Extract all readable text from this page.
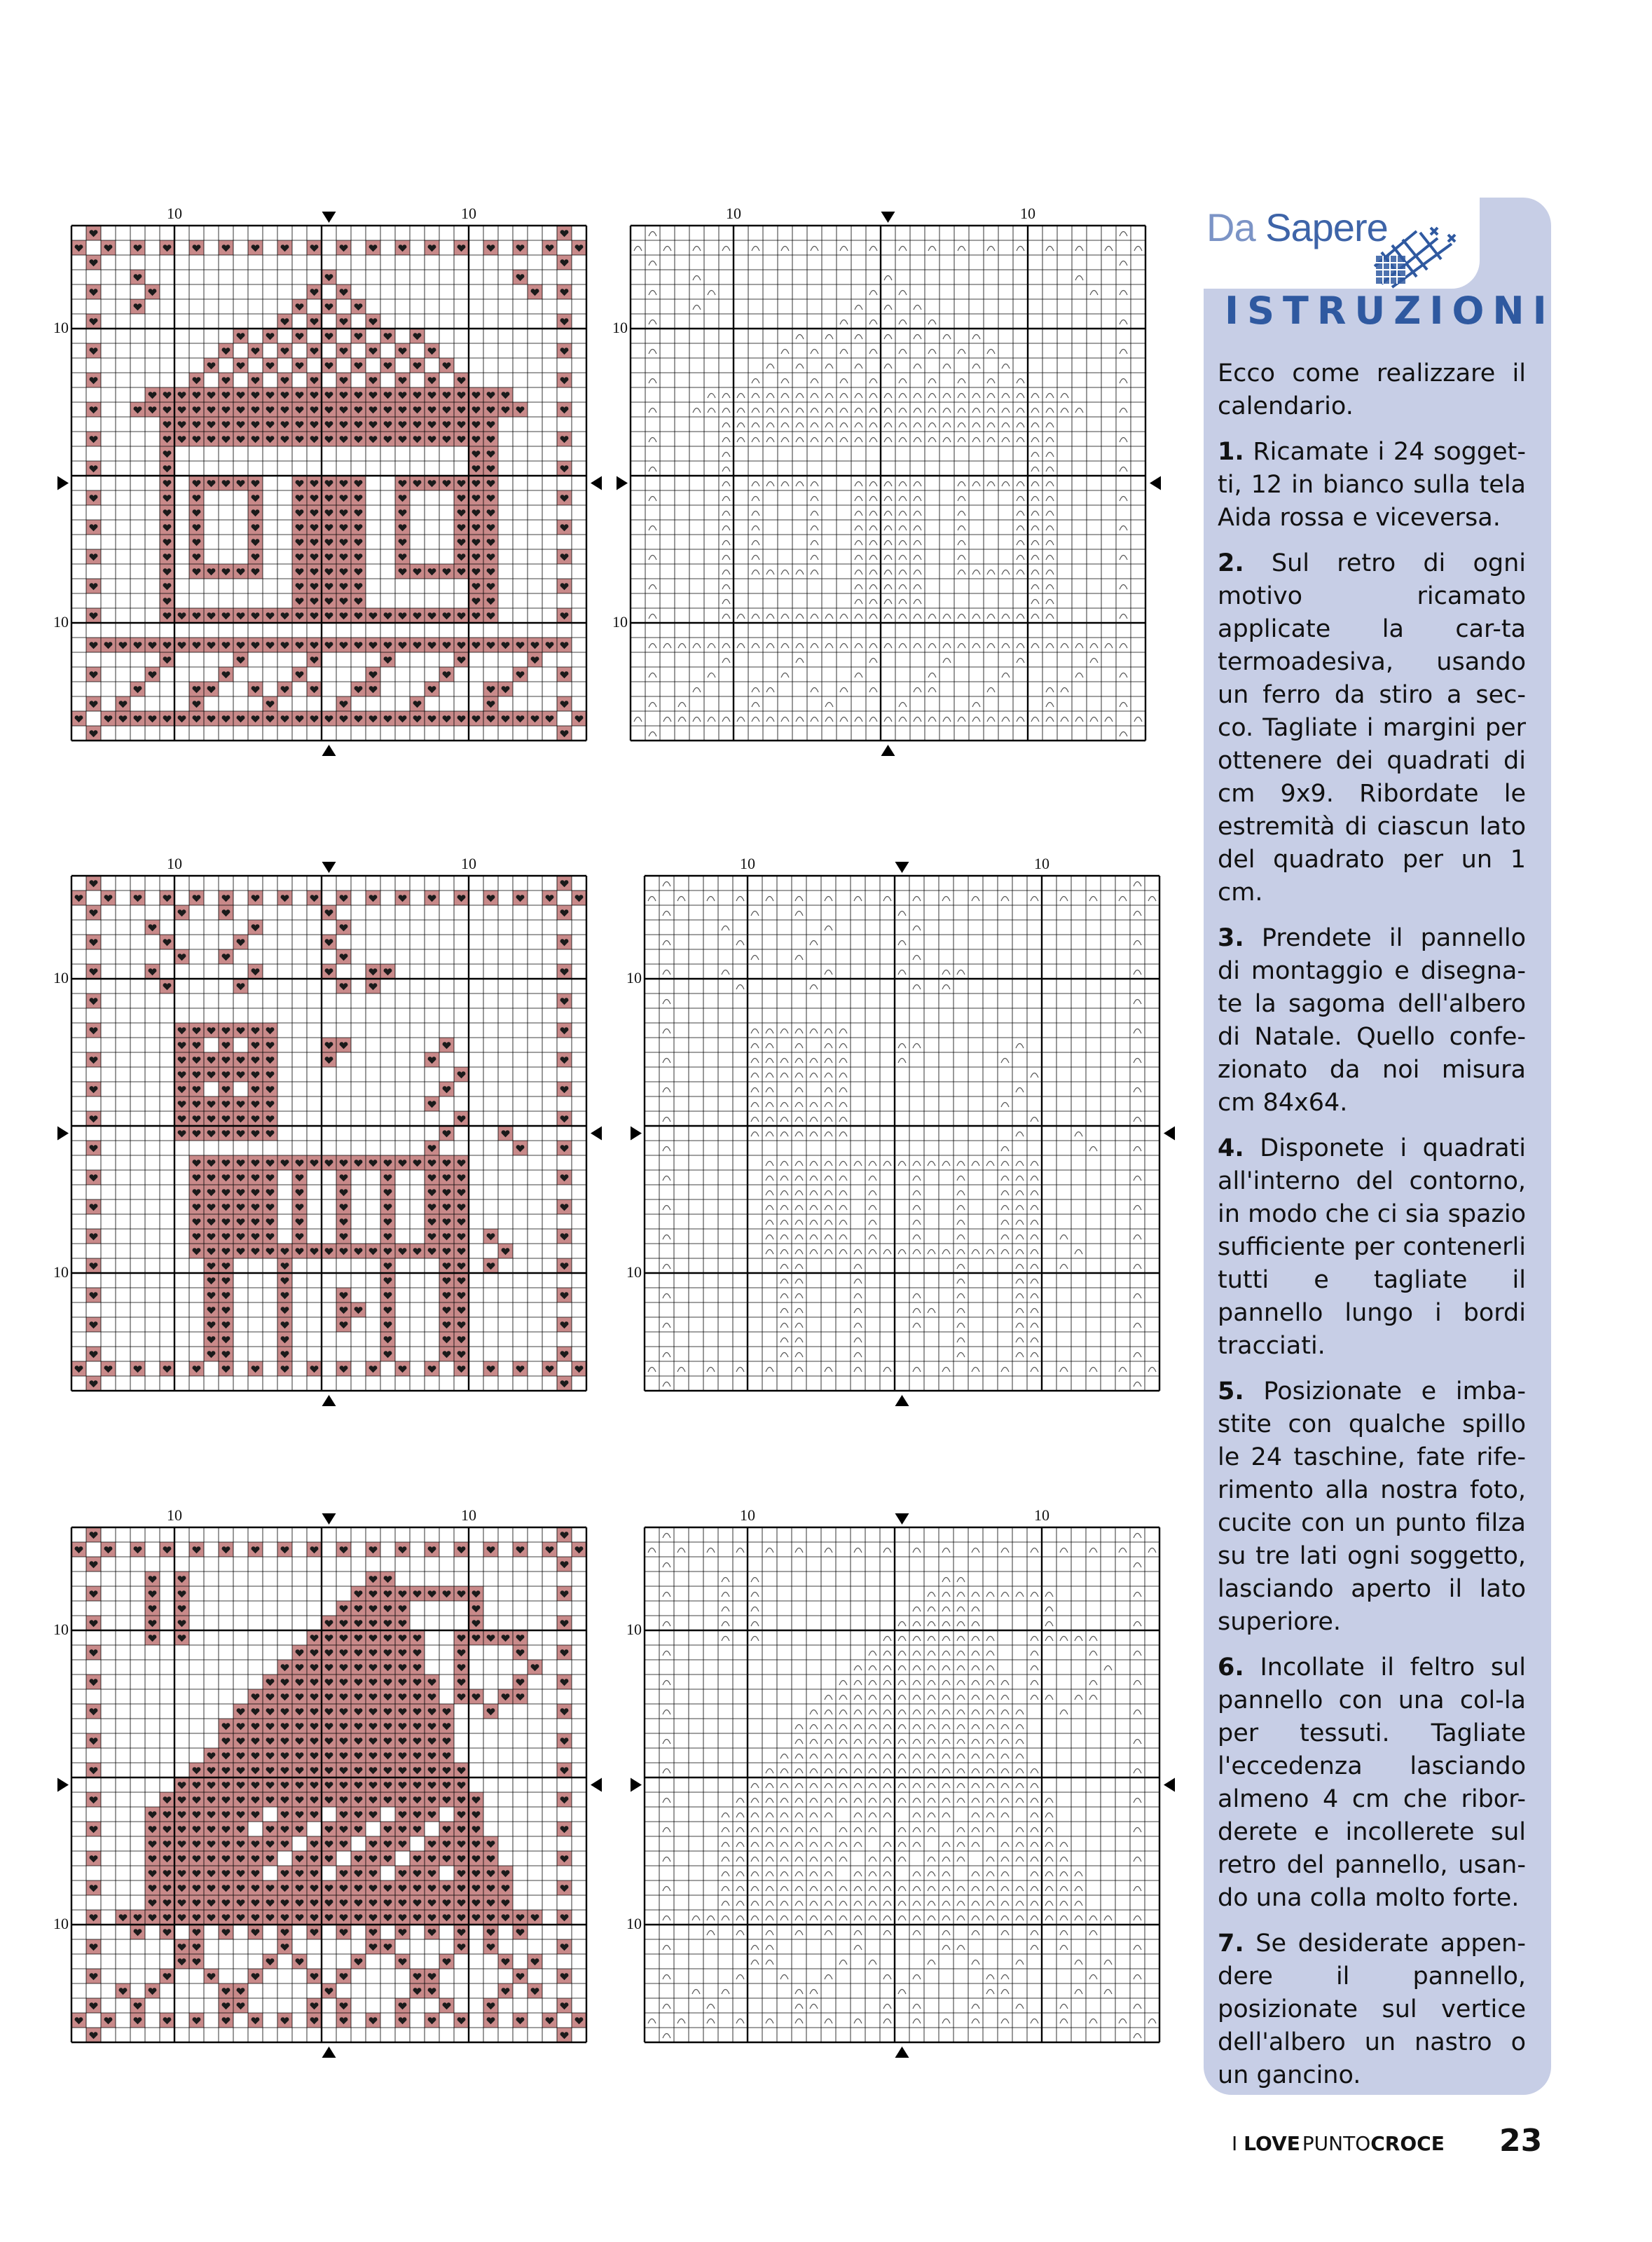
10	10
10
10
10	10
10
10
10	10
10
10
10	10
10
10
10	10
10
10
10	10
10
10
Da Sapere
ISTRUZIONI

Ecco come realizzare il calendario.

1. Ricamate i 24 sogget-ti, 12 in bianco sulla tela Aida rossa e viceversa.

2. Sul retro di ogni motivo ricamato applicate la car-ta termoadesiva, usando un ferro da stiro a sec-co. Tagliate i margini per ottenere dei quadrati di cm 9x9. Ribordate le estremità di ciascun lato del quadrato per un 1 cm.

3. Prendete il pannello di montaggio e disegna-te la sagoma dell'albero di Natale. Quello confe-zionato da noi misura cm 84x64.

4. Disponete i quadrati all'interno del contorno, in modo che ci sia spazio sufficiente per contenerli tutti e tagliate il pannello lungo i bordi tracciati.

5. Posizionate e imba-stite con qualche spillo le 24 taschine, fate rife-rimento alla nostra foto, cucite con un punto filza su tre lati ogni soggetto, lasciando aperto il lato superiore.

6. Incollate il feltro sul pannello con una col-la per tessuti. Tagliate l'eccedenza lasciando almeno 4 cm che ribor-derete e incollerete sul retro del pannello, usan-do una colla molto forte.

7. Se desiderate appen-dere il pannello, posizionate sul vertice dell'albero un nastro o un gancino.

I LOVE PUNTOCROCE 23
